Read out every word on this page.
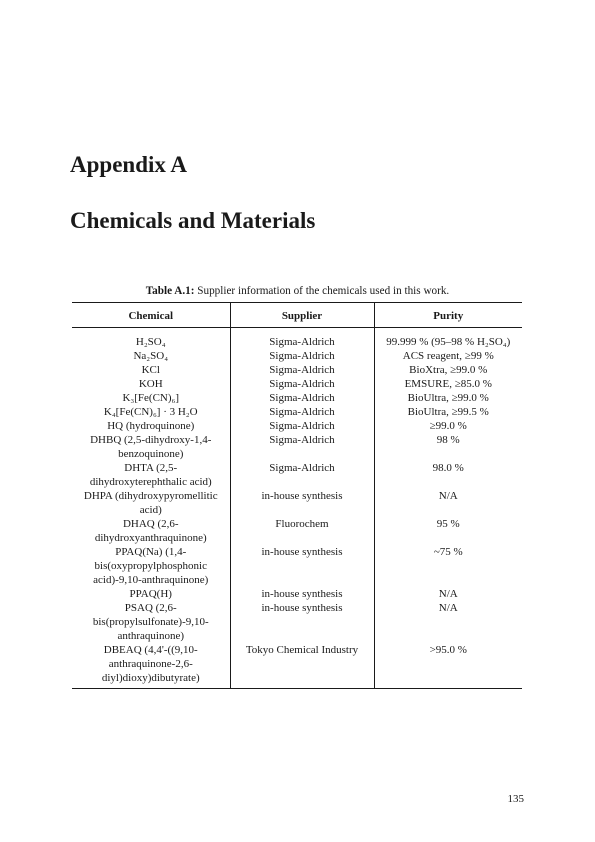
Appendix A
Chemicals and Materials
Table A.1: Supplier information of the chemicals used in this work.
Chemical	Supplier	Purity
H₂SO₄	Sigma-Aldrich	99.999 % (95–98 % H₂SO₄)
Na₂SO₄	Sigma-Aldrich	ACS reagent, ≥99 %
KCl	Sigma-Aldrich	BioXtra, ≥99.0 %
KOH	Sigma-Aldrich	EMSURE, ≥85.0 %
K₃[Fe(CN)₆]	Sigma-Aldrich	BioUltra, ≥99.0 %
K₄[Fe(CN)₆] · 3 H₂O	Sigma-Aldrich	BioUltra, ≥99.5 %
HQ (hydroquinone)	Sigma-Aldrich	≥99.0 %
DHBQ (2,5-dihydroxy-1,4-benzoquinone)	Sigma-Aldrich	98 %
DHTA (2,5-dihydroxyterephthalic acid)	Sigma-Aldrich	98.0 %
DHPA (dihydroxypyromellitic acid)	in-house synthesis	N/A
DHAQ (2,6-dihydroxyanthraquinone)	Fluorochem	95 %
PPAQ(Na) (1,4-bis(oxypropylphosphonic acid)-9,10-anthraquinone)	in-house synthesis	~75 %
PPAQ(H)	in-house synthesis	N/A
PSAQ (2,6-bis(propylsulfonate)-9,10-anthraquinone)	in-house synthesis	N/A
DBEAQ (4,4'-((9,10-anthraquinone-2,6-diyl)dioxy)dibutyrate)	Tokyo Chemical Industry	>95.0 %
135
